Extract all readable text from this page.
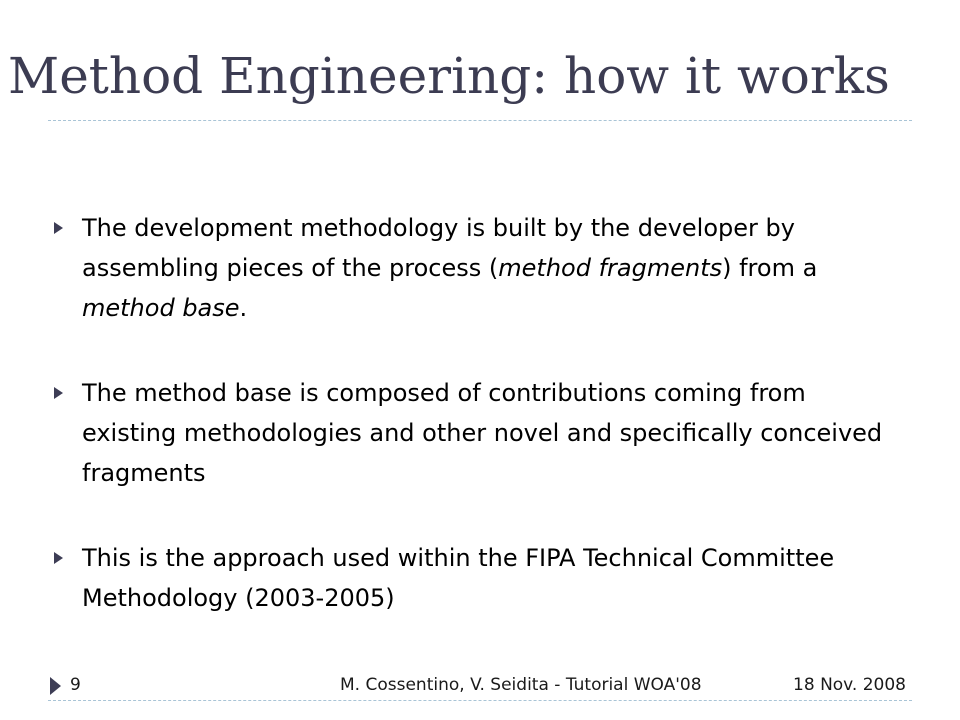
Method Engineering: how it works
The development methodology is built by the developer by assembling pieces of the process (method fragments) from a method base.
The method base is composed of contributions coming from existing methodologies and other novel and specifically conceived fragments
This is the approach used within the FIPA Technical Committee Methodology (2003-2005)
9	M. Cossentino, V. Seidita - Tutorial WOA'08	18 Nov. 2008
